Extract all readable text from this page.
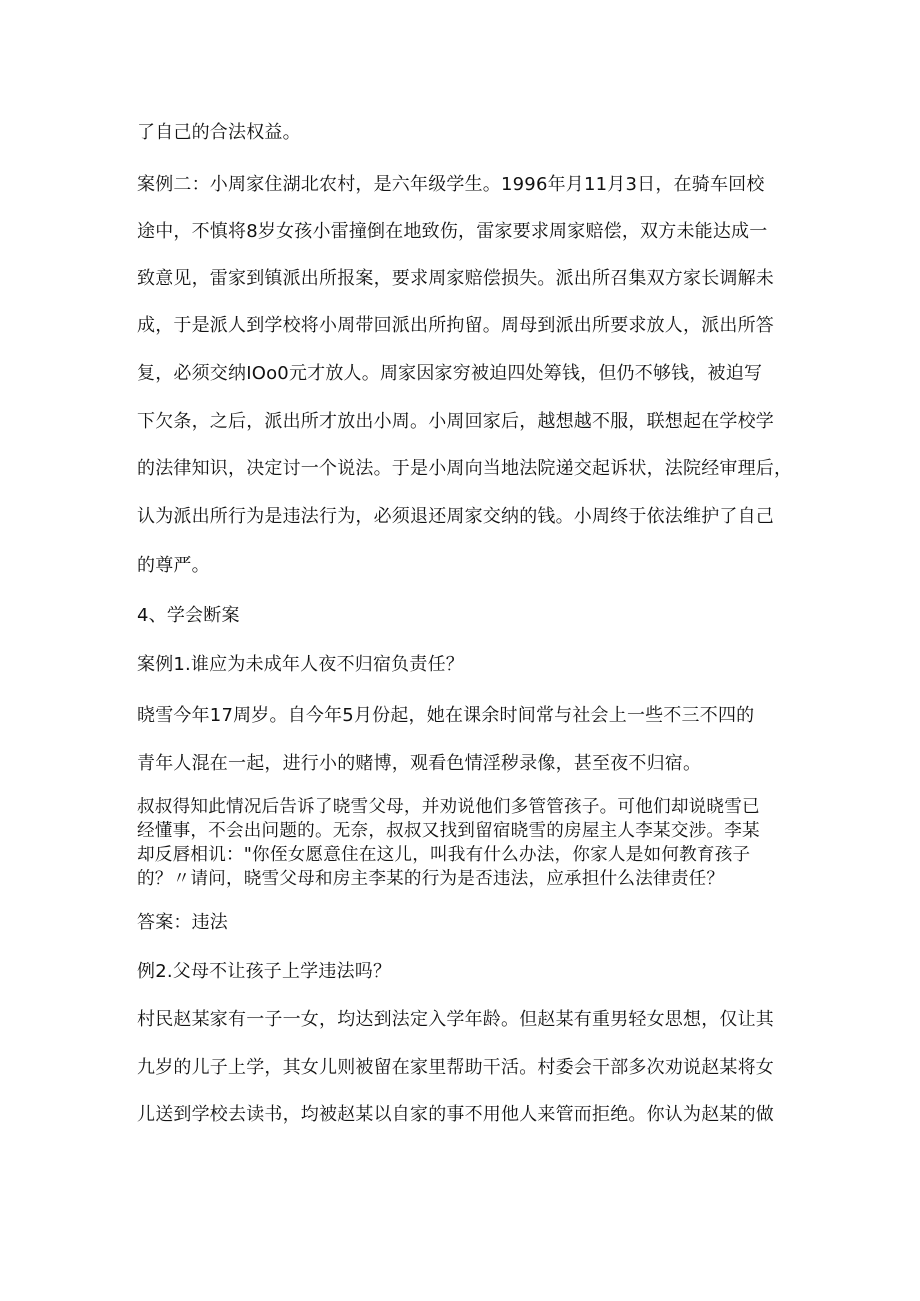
了自己的合法权益。
案例二：小周家住湖北农村，是六年级学生。1996年月11月3日，在骑车回校
途中，不慎将8岁女孩小雷撞倒在地致伤，雷家要求周家赔偿，双方未能达成一
致意见，雷家到镇派出所报案，要求周家赔偿损失。派出所召集双方家长调解未
成，于是派人到学校将小周带回派出所拘留。周母到派出所要求放人，派出所答
复，必须交纳IOo0元才放人。周家因家穷被迫四处筹钱，但仍不够钱，被迫写
下欠条，之后，派出所才放出小周。小周回家后，越想越不服，联想起在学校学
的法律知识，决定讨一个说法。于是小周向当地法院递交起诉状，法院经审理后，
认为派出所行为是违法行为，必须退还周家交纳的钱。小周终于依法维护了自己
的尊严。
4、学会断案
案例1.谁应为未成年人夜不归宿负责任？
晓雪今年17周岁。自今年5月份起，她在课余时间常与社会上一些不三不四的
青年人混在一起，进行小的赌博，观看色情淫秽录像，甚至夜不归宿。
叔叔得知此情况后告诉了晓雪父母，并劝说他们多管管孩子。可他们却说晓雪已
经懂事，不会出问题的。无奈，叔叔又找到留宿晓雪的房屋主人李某交涉。李某
却反唇相讥："你侄女愿意住在这儿，叫我有什么办法，你家人是如何教育孩子
的？〃请问，晓雪父母和房主李某的行为是否违法，应承担什么法律责任？
答案：违法
例2.父母不让孩子上学违法吗？
村民赵某家有一子一女，均达到法定入学年龄。但赵某有重男轻女思想，仅让其
九岁的儿子上学，其女儿则被留在家里帮助干活。村委会干部多次劝说赵某将女
儿送到学校去读书，均被赵某以自家的事不用他人来管而拒绝。你认为赵某的做
